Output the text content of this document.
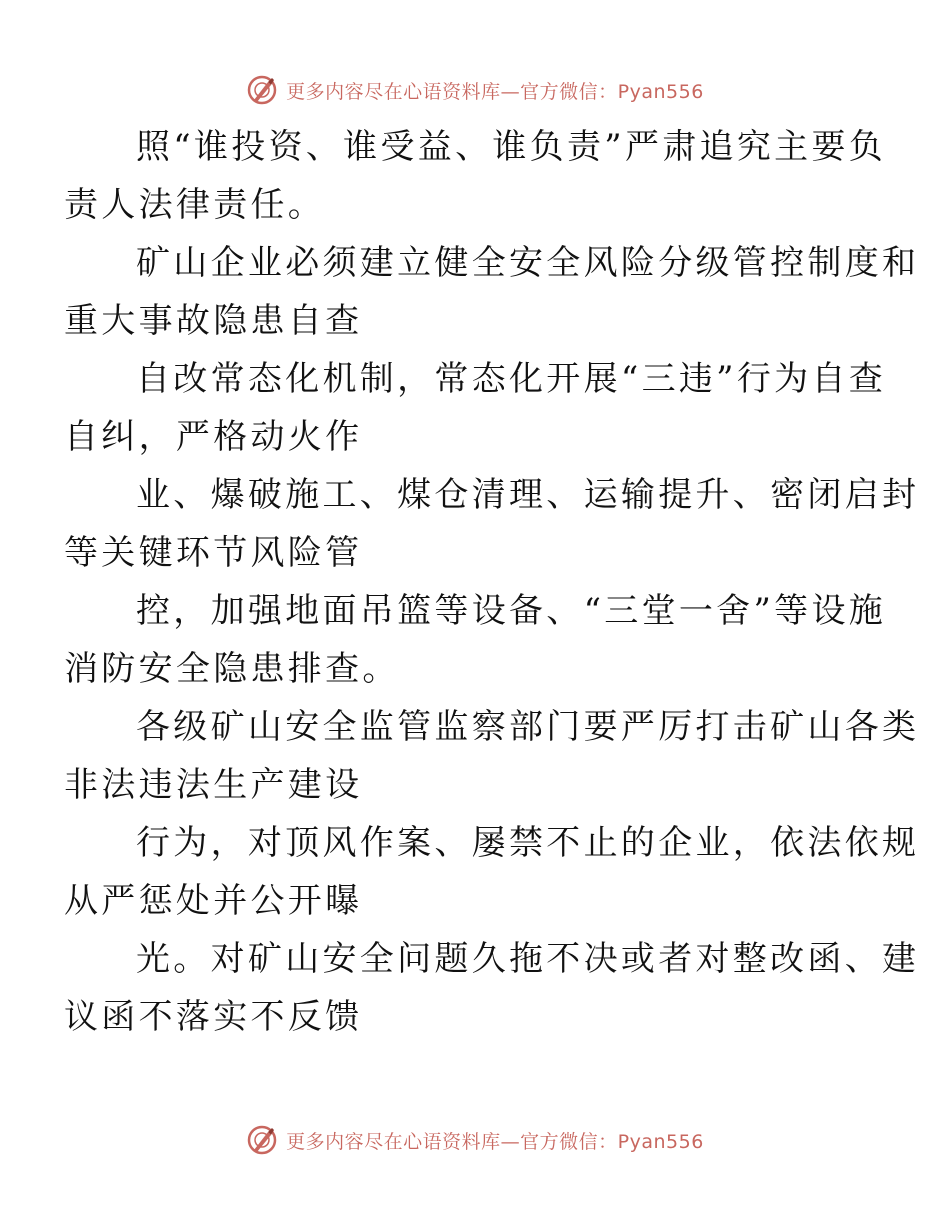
更多内容尽在心语资料库—官方微信：Pyan556

照“谁投资、谁受益、谁负责”严肃追究主要负
责人法律责任。

矿山企业必须建立健全安全风险分级管控制度和
重大事故隐患自查

自改常态化机制，常态化开展“三违”行为自查
自纠，严格动火作

业、爆破施工、煤仓清理、运输提升、密闭启封
等关键环节风险管

控，加强地面吊篮等设备、“三堂一舍”等设施
消防安全隐患排查。

各级矿山安全监管监察部门要严厉打击矿山各类
非法违法生产建设

行为，对顶风作案、屡禁不止的企业，依法依规
从严惩处并公开曝

光。对矿山安全问题久拖不决或者对整改函、建
议函不落实不反馈

更多内容尽在心语资料库—官方微信：Pyan556
